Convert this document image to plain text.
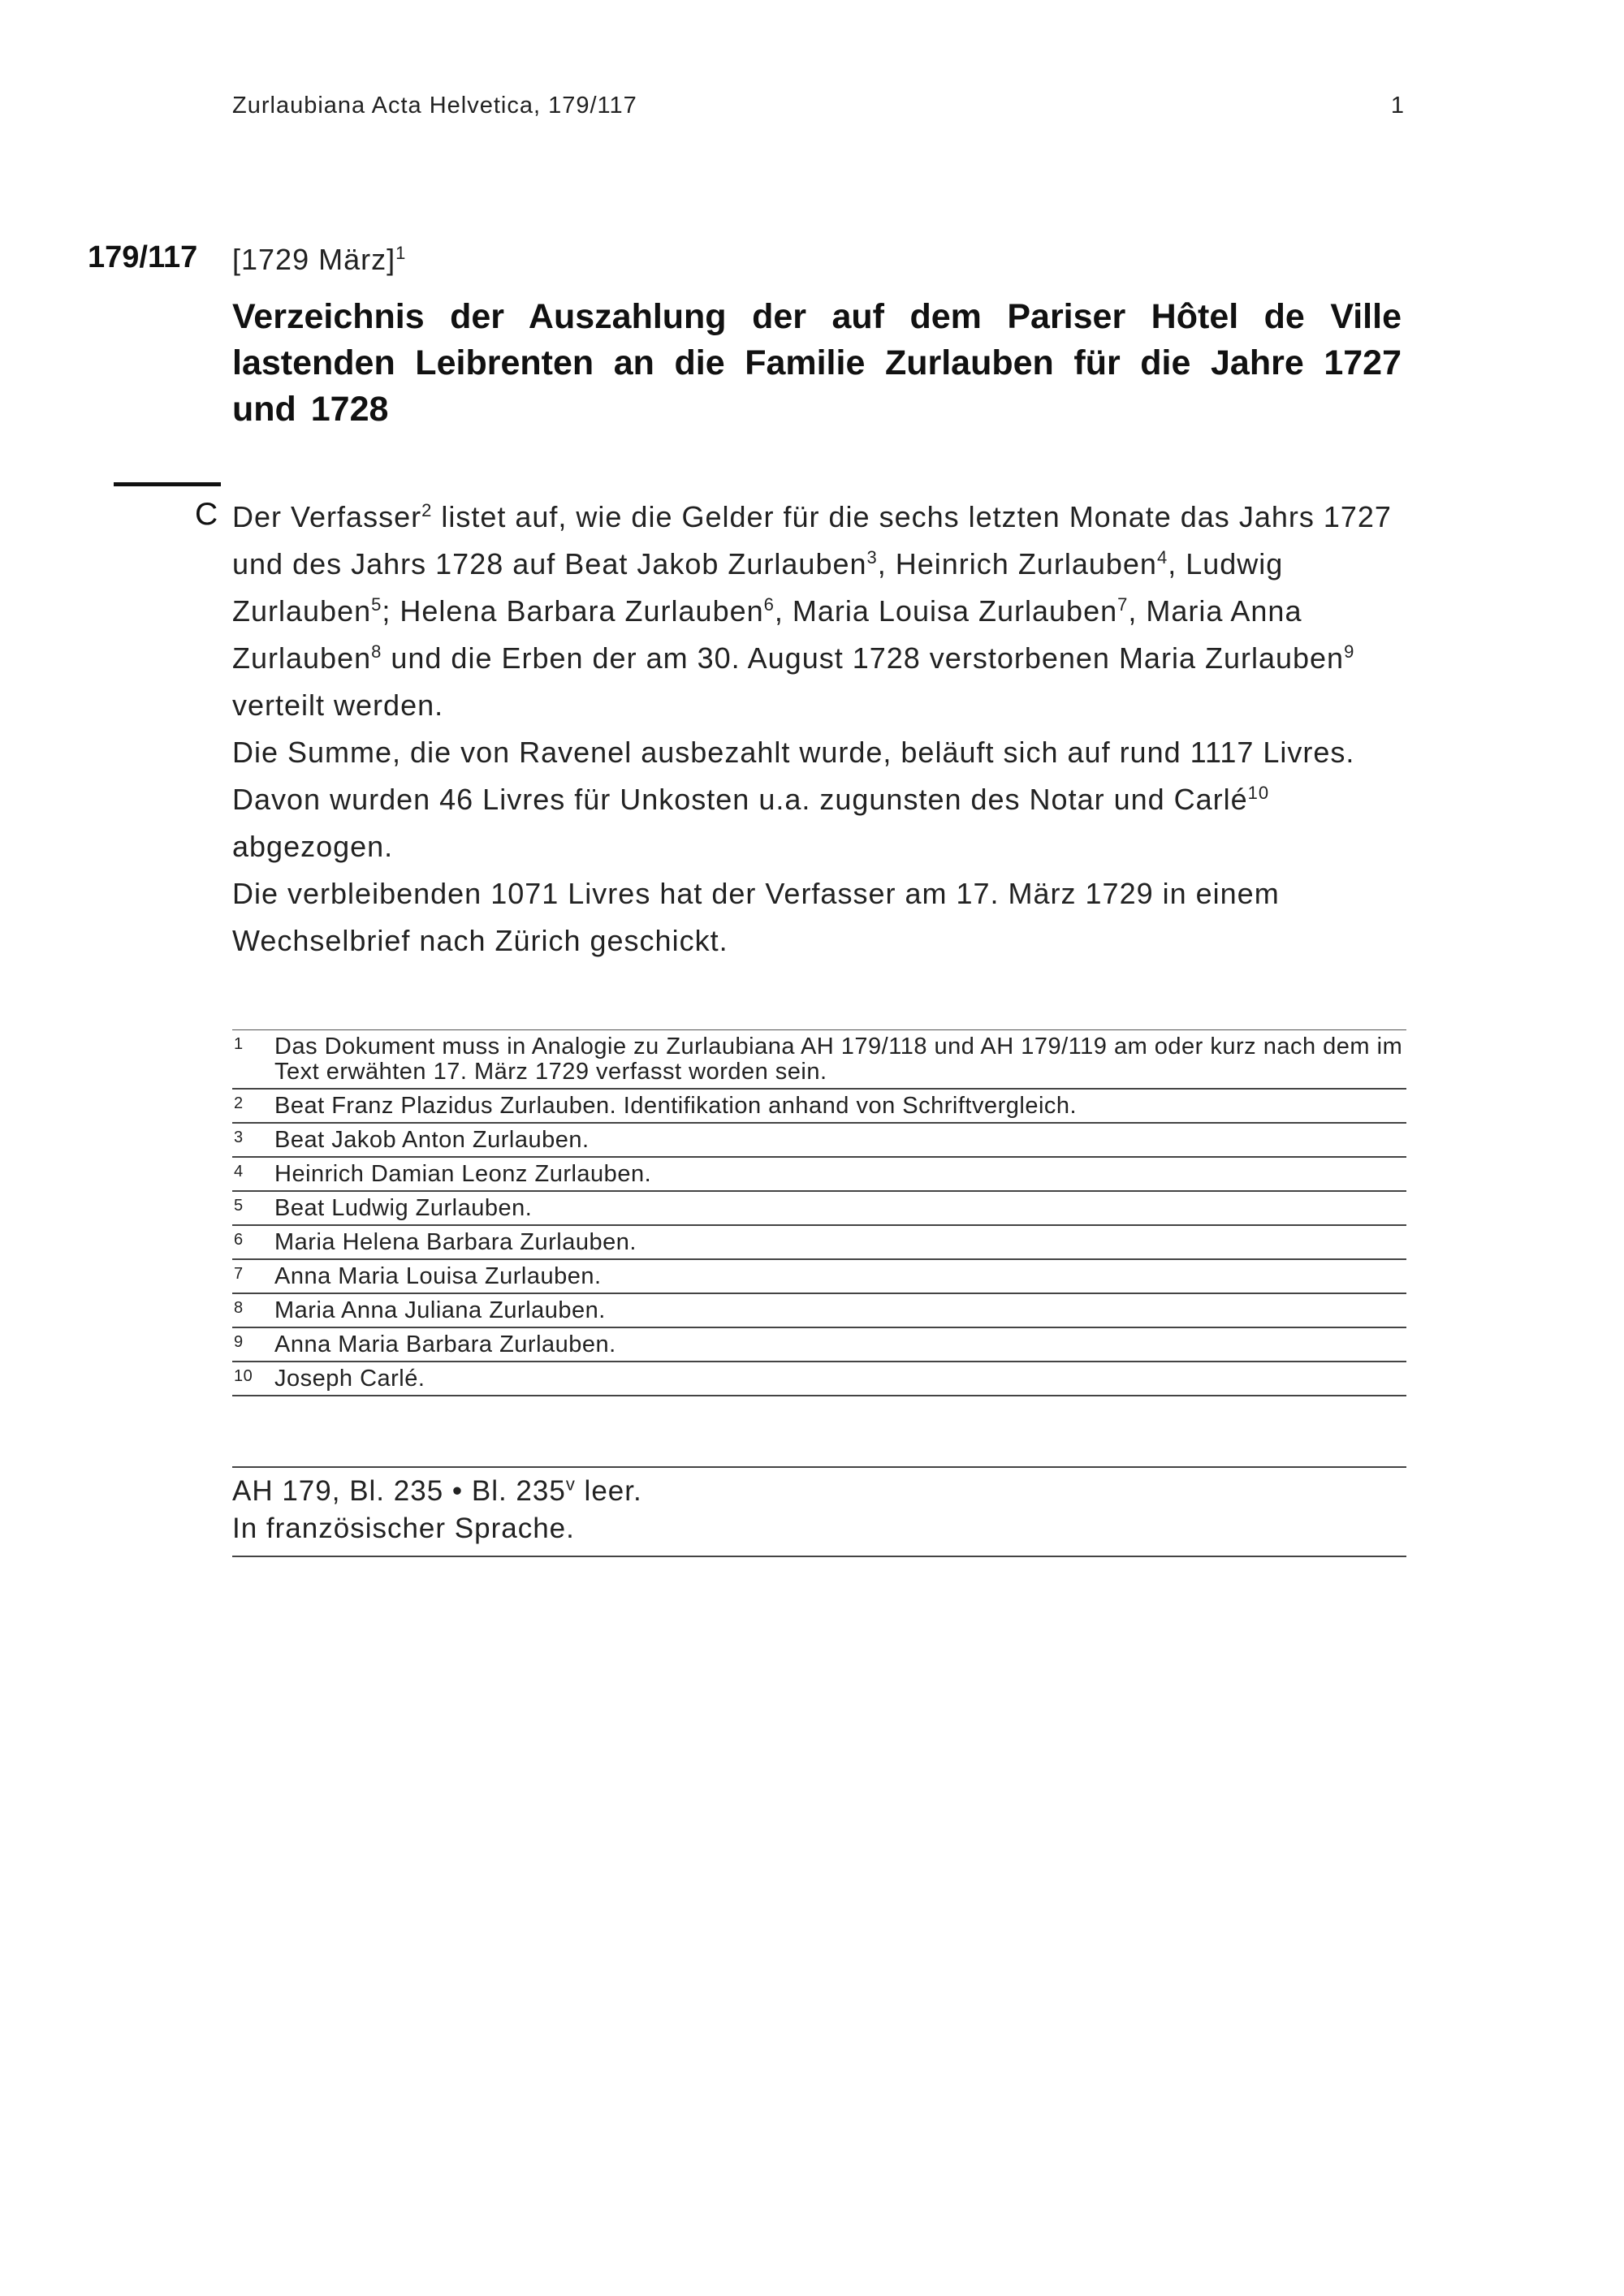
Zurlaubiana Acta Helvetica, 179/117	1
179/117 [1729 März]$^1$
Verzeichnis der Auszahlung der auf dem Pariser Hôtel de Ville
lastenden Leibrenten an die Familie Zurlauben für die Jahre 1727
und 1728
C Der Verfasser$^2$ listet auf, wie die Gelder für die sechs letzten Monate das Jahrs 1727 und des Jahrs 1728 auf Beat Jakob Zurlauben$^3$, Heinrich Zurlauben$^4$, Ludwig Zurlauben$^5$; Helena Barbara Zurlauben$^6$, Maria Louisa Zurlauben$^7$, Maria Anna Zurlauben$^8$ und die Erben der am 30. August 1728 verstorbenen Maria Zurlauben$^9$ verteilt werden.

Die Summe, die von Ravenel ausbezahlt wurde, beläuft sich auf rund 1117 Livres. Davon wurden 46 Livres für Unkosten u.a. zugunsten des Notar und Carlé$^{10}$ abgezogen.

Die verbleibenden 1071 Livres hat der Verfasser am 17. März 1729 in einem Wechselbrief nach Zürich geschickt.

1	Das Dokument muss in Analogie zu Zurlaubiana AH 179/118 und AH 179/119 am oder kurz nach dem im Text erwähten 17. März 1729 verfasst worden sein.
2	Beat Franz Plazidus Zurlauben. Identifikation anhand von Schriftvergleich.
3	Beat Jakob Anton Zurlauben.
4	Heinrich Damian Leonz Zurlauben.
5	Beat Ludwig Zurlauben.
6	Maria Helena Barbara Zurlauben.
7	Anna Maria Louisa Zurlauben.
8	Maria Anna Juliana Zurlauben.
9	Anna Maria Barbara Zurlauben.
10 Joseph Carlé.
AH 179, Bl. 235 • Bl. 235$^v$ leer.
In französischer Sprache.
